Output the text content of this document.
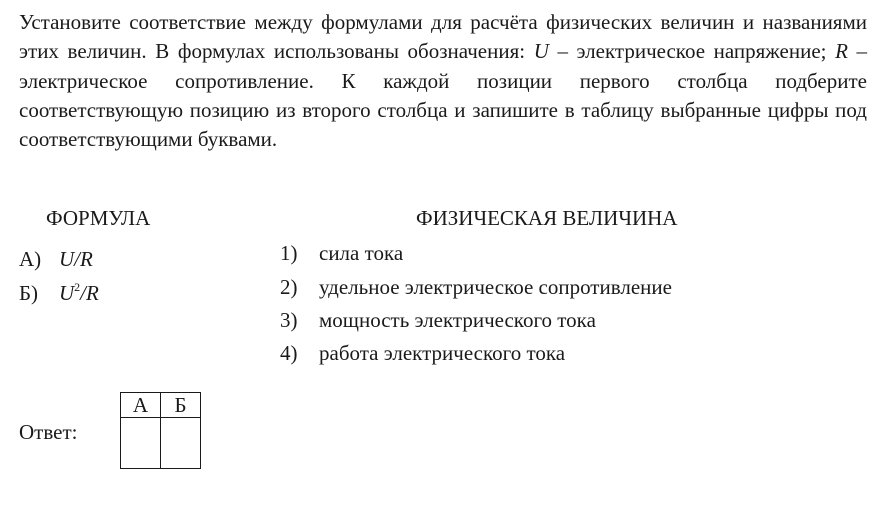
Установите соответствие между формулами для расчёта физических величин и названиями этих величин. В формулах использованы обозначения: U – электрическое напряжение; R – электрическое сопротивление. К каждой позиции первого столбца подберите соответствующую позицию из второго столбца и запишите в таблицу выбранные цифры под соответствующими буквами.

ФОРМУЛА	ФИЗИЧЕСКАЯ ВЕЛИЧИНА
А) U/R
Б) $U^2/R$
1) сила тока
2) удельное электрическое сопротивление
3) мощность электрического тока
4) работа электрического тока
Ответ:
А	Б
